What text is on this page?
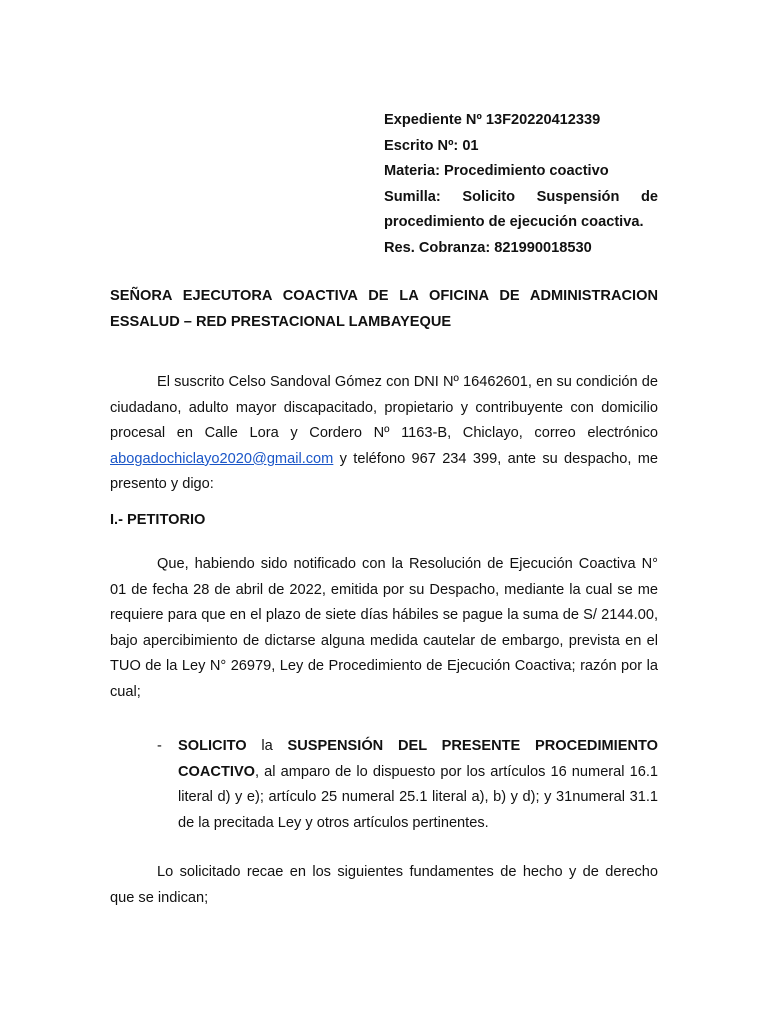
Expediente Nº 13F20220412339
Escrito Nº: 01
Materia: Procedimiento coactivo
Sumilla: Solicito Suspensión de
procedimiento de ejecución coactiva.
Res. Cobranza: 821990018530
SEÑORA EJECUTORA COACTIVA DE LA OFICINA DE ADMINISTRACION
ESSALUD – RED PRESTACIONAL LAMBAYEQUE
El suscrito Celso Sandoval Gómez con DNI Nº 16462601, en su condición de ciudadano, adulto mayor discapacitado, propietario y contribuyente con domicilio procesal en Calle Lora y Cordero Nº 1163-B, Chiclayo, correo electrónico abogadochiclayo2020@gmail.com y teléfono 967 234 399, ante su despacho, me presento y digo:
I.- PETITORIO
Que, habiendo sido notificado con la Resolución de Ejecución Coactiva N° 01 de fecha 28 de abril de 2022, emitida por su Despacho, mediante la cual se me requiere para que en el plazo de siete días hábiles se pague la suma de S/ 2144.00, bajo apercibimiento de dictarse alguna medida cautelar de embargo, prevista en el TUO de la Ley N° 26979, Ley de Procedimiento de Ejecución Coactiva; razón por la cual;
- SOLICITO la SUSPENSIÓN DEL PRESENTE PROCEDIMIENTO
COACTIVO, al amparo de lo dispuesto por los artículos 16 numeral 16.1 literal d) y e); artículo 25 numeral 25.1 literal a), b) y d); y 31numeral 31.1 de la precitada Ley y otros artículos pertinentes.
Lo solicitado recae en los siguientes fundamentes de hecho y de derecho que se indican;
